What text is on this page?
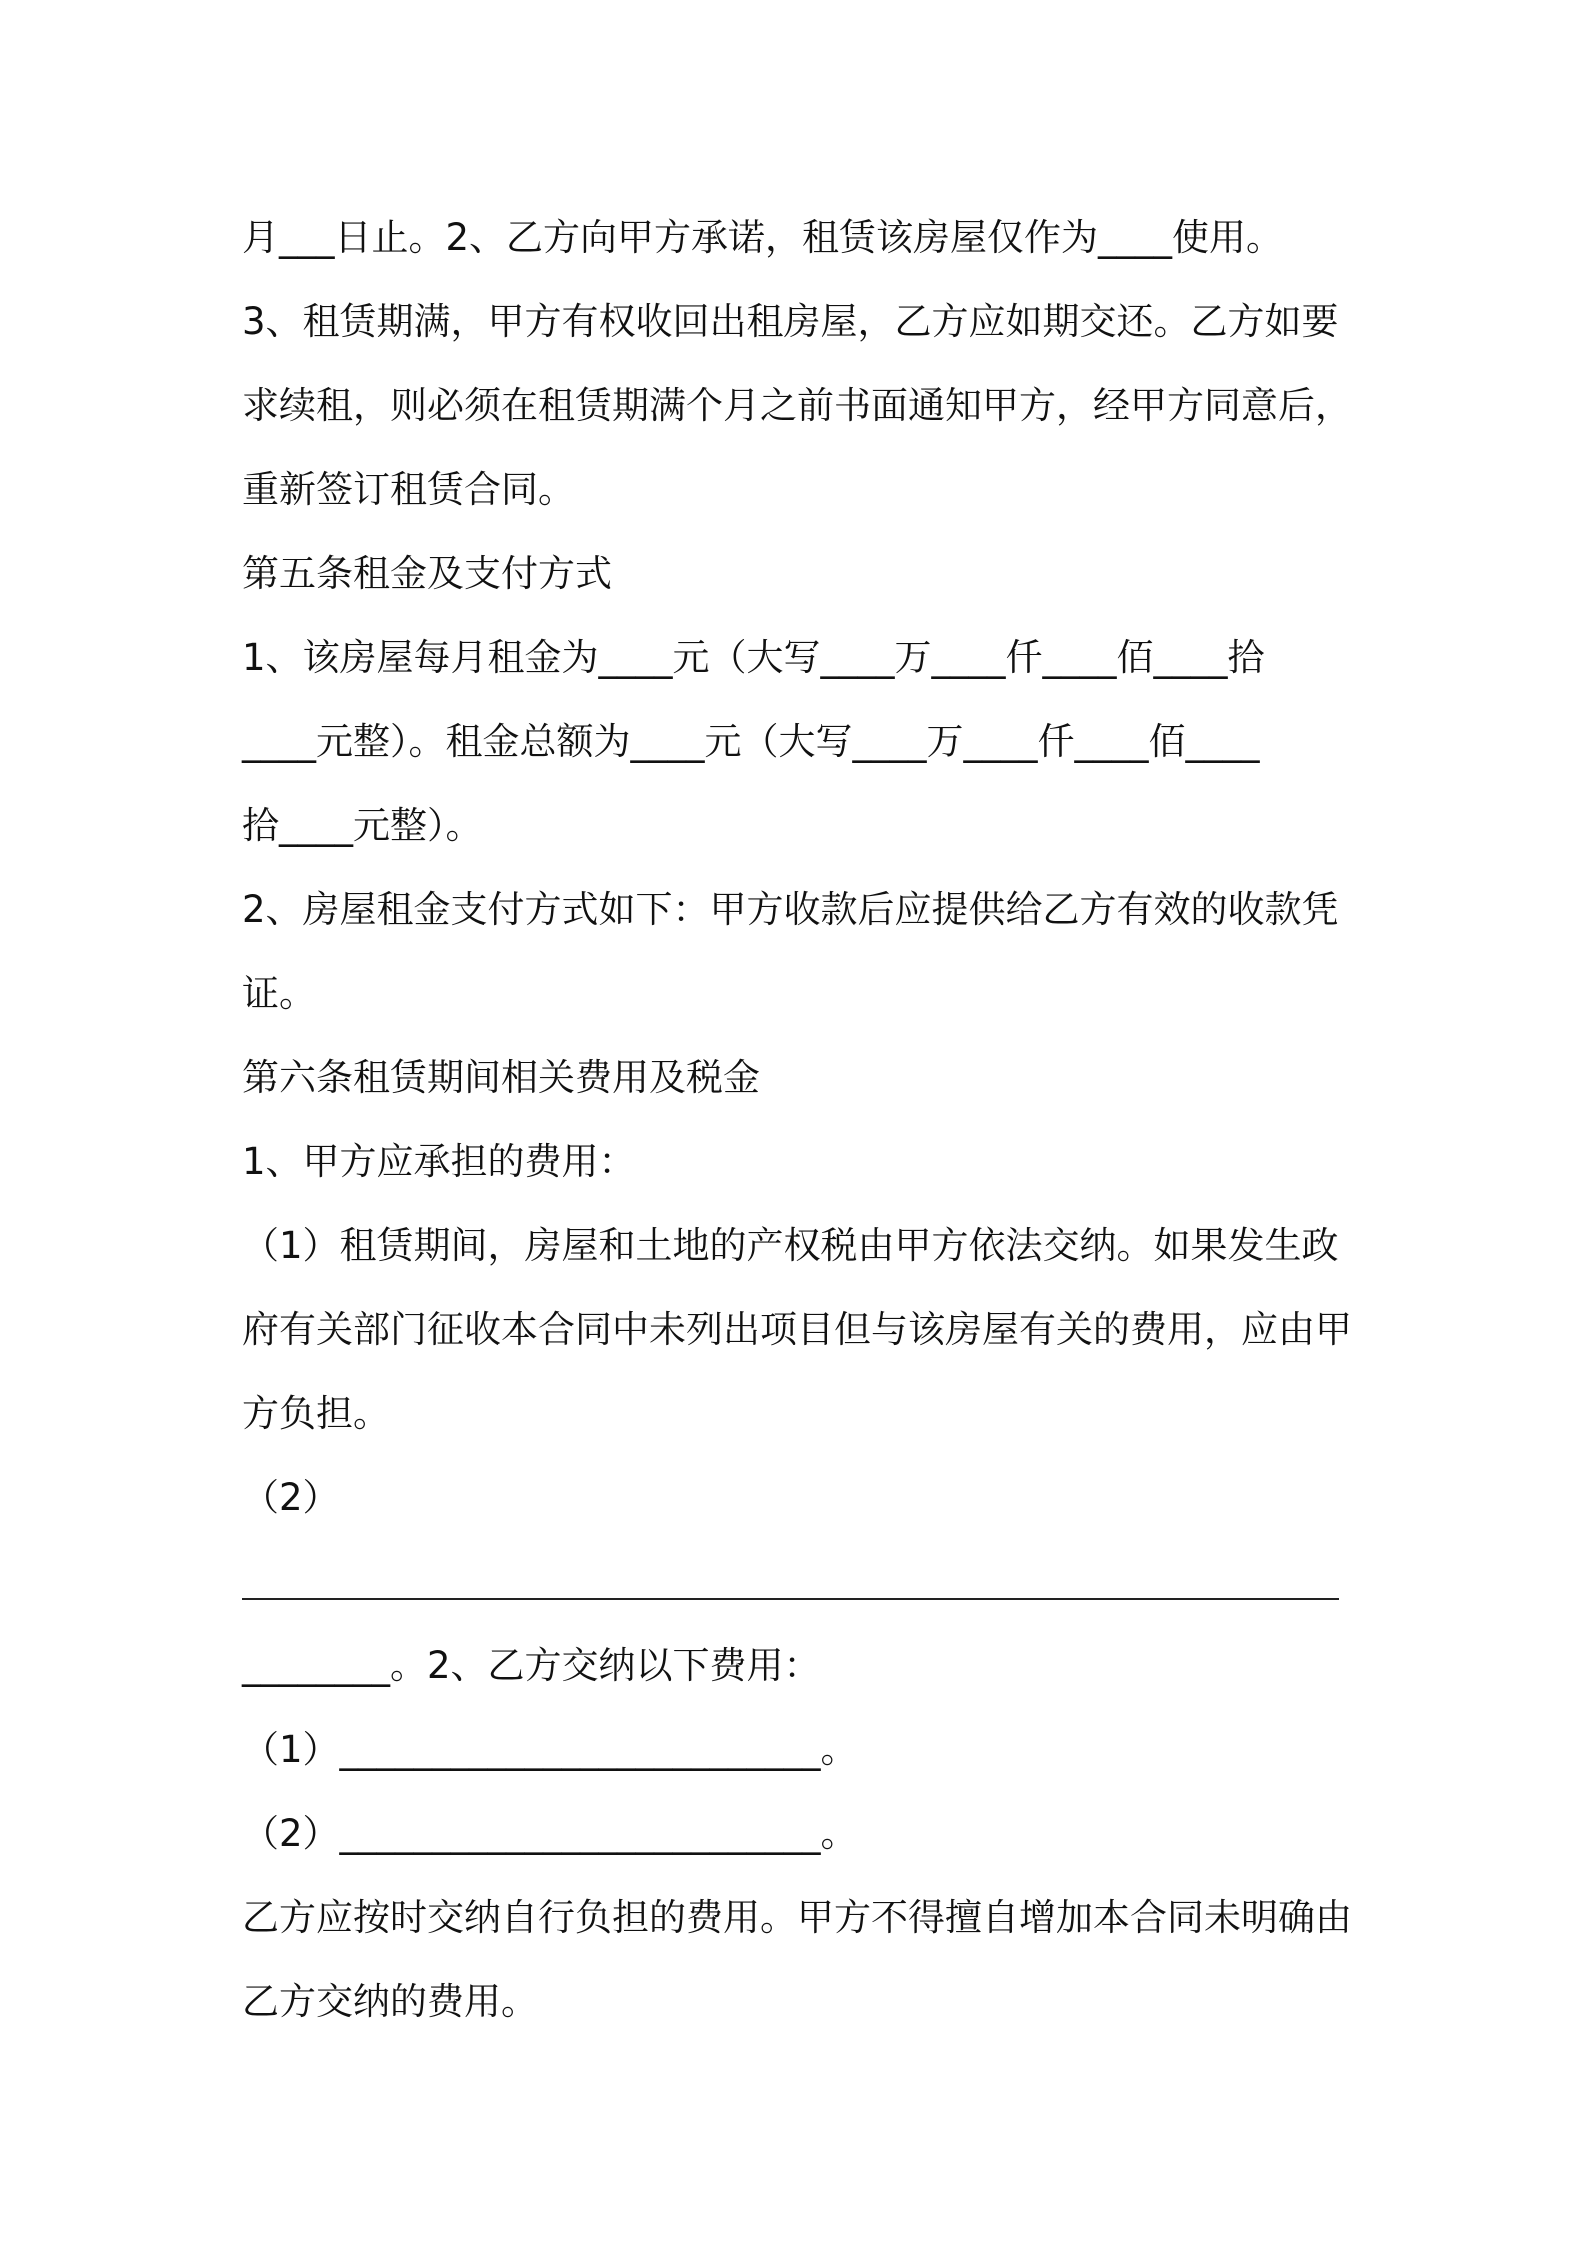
月___日止。2、乙方向甲方承诺，租赁该房屋仅作为____使用。
3、租赁期满，甲方有权收回出租房屋，乙方应如期交还。乙方如要
求续租，则必须在租赁期满个月之前书面通知甲方，经甲方同意后，
重新签订租赁合同。
第五条租金及支付方式
1、该房屋每月租金为____元（大写____万____仟____佰____拾
____元整）。租金总额为____元（大写____万____仟____佰____
拾____元整）。
2、房屋租金支付方式如下：甲方收款后应提供给乙方有效的收款凭
证。
第六条租赁期间相关费用及税金
1、甲方应承担的费用：
（1）租赁期间，房屋和土地的产权税由甲方依法交纳。如果发生政
府有关部门征收本合同中未列出项目但与该房屋有关的费用，应由甲
方负担。
（2）
________。2、乙方交纳以下费用：
（1）__________________________。
（2）__________________________。
乙方应按时交纳自行负担的费用。甲方不得擅自增加本合同未明确由
乙方交纳的费用。
